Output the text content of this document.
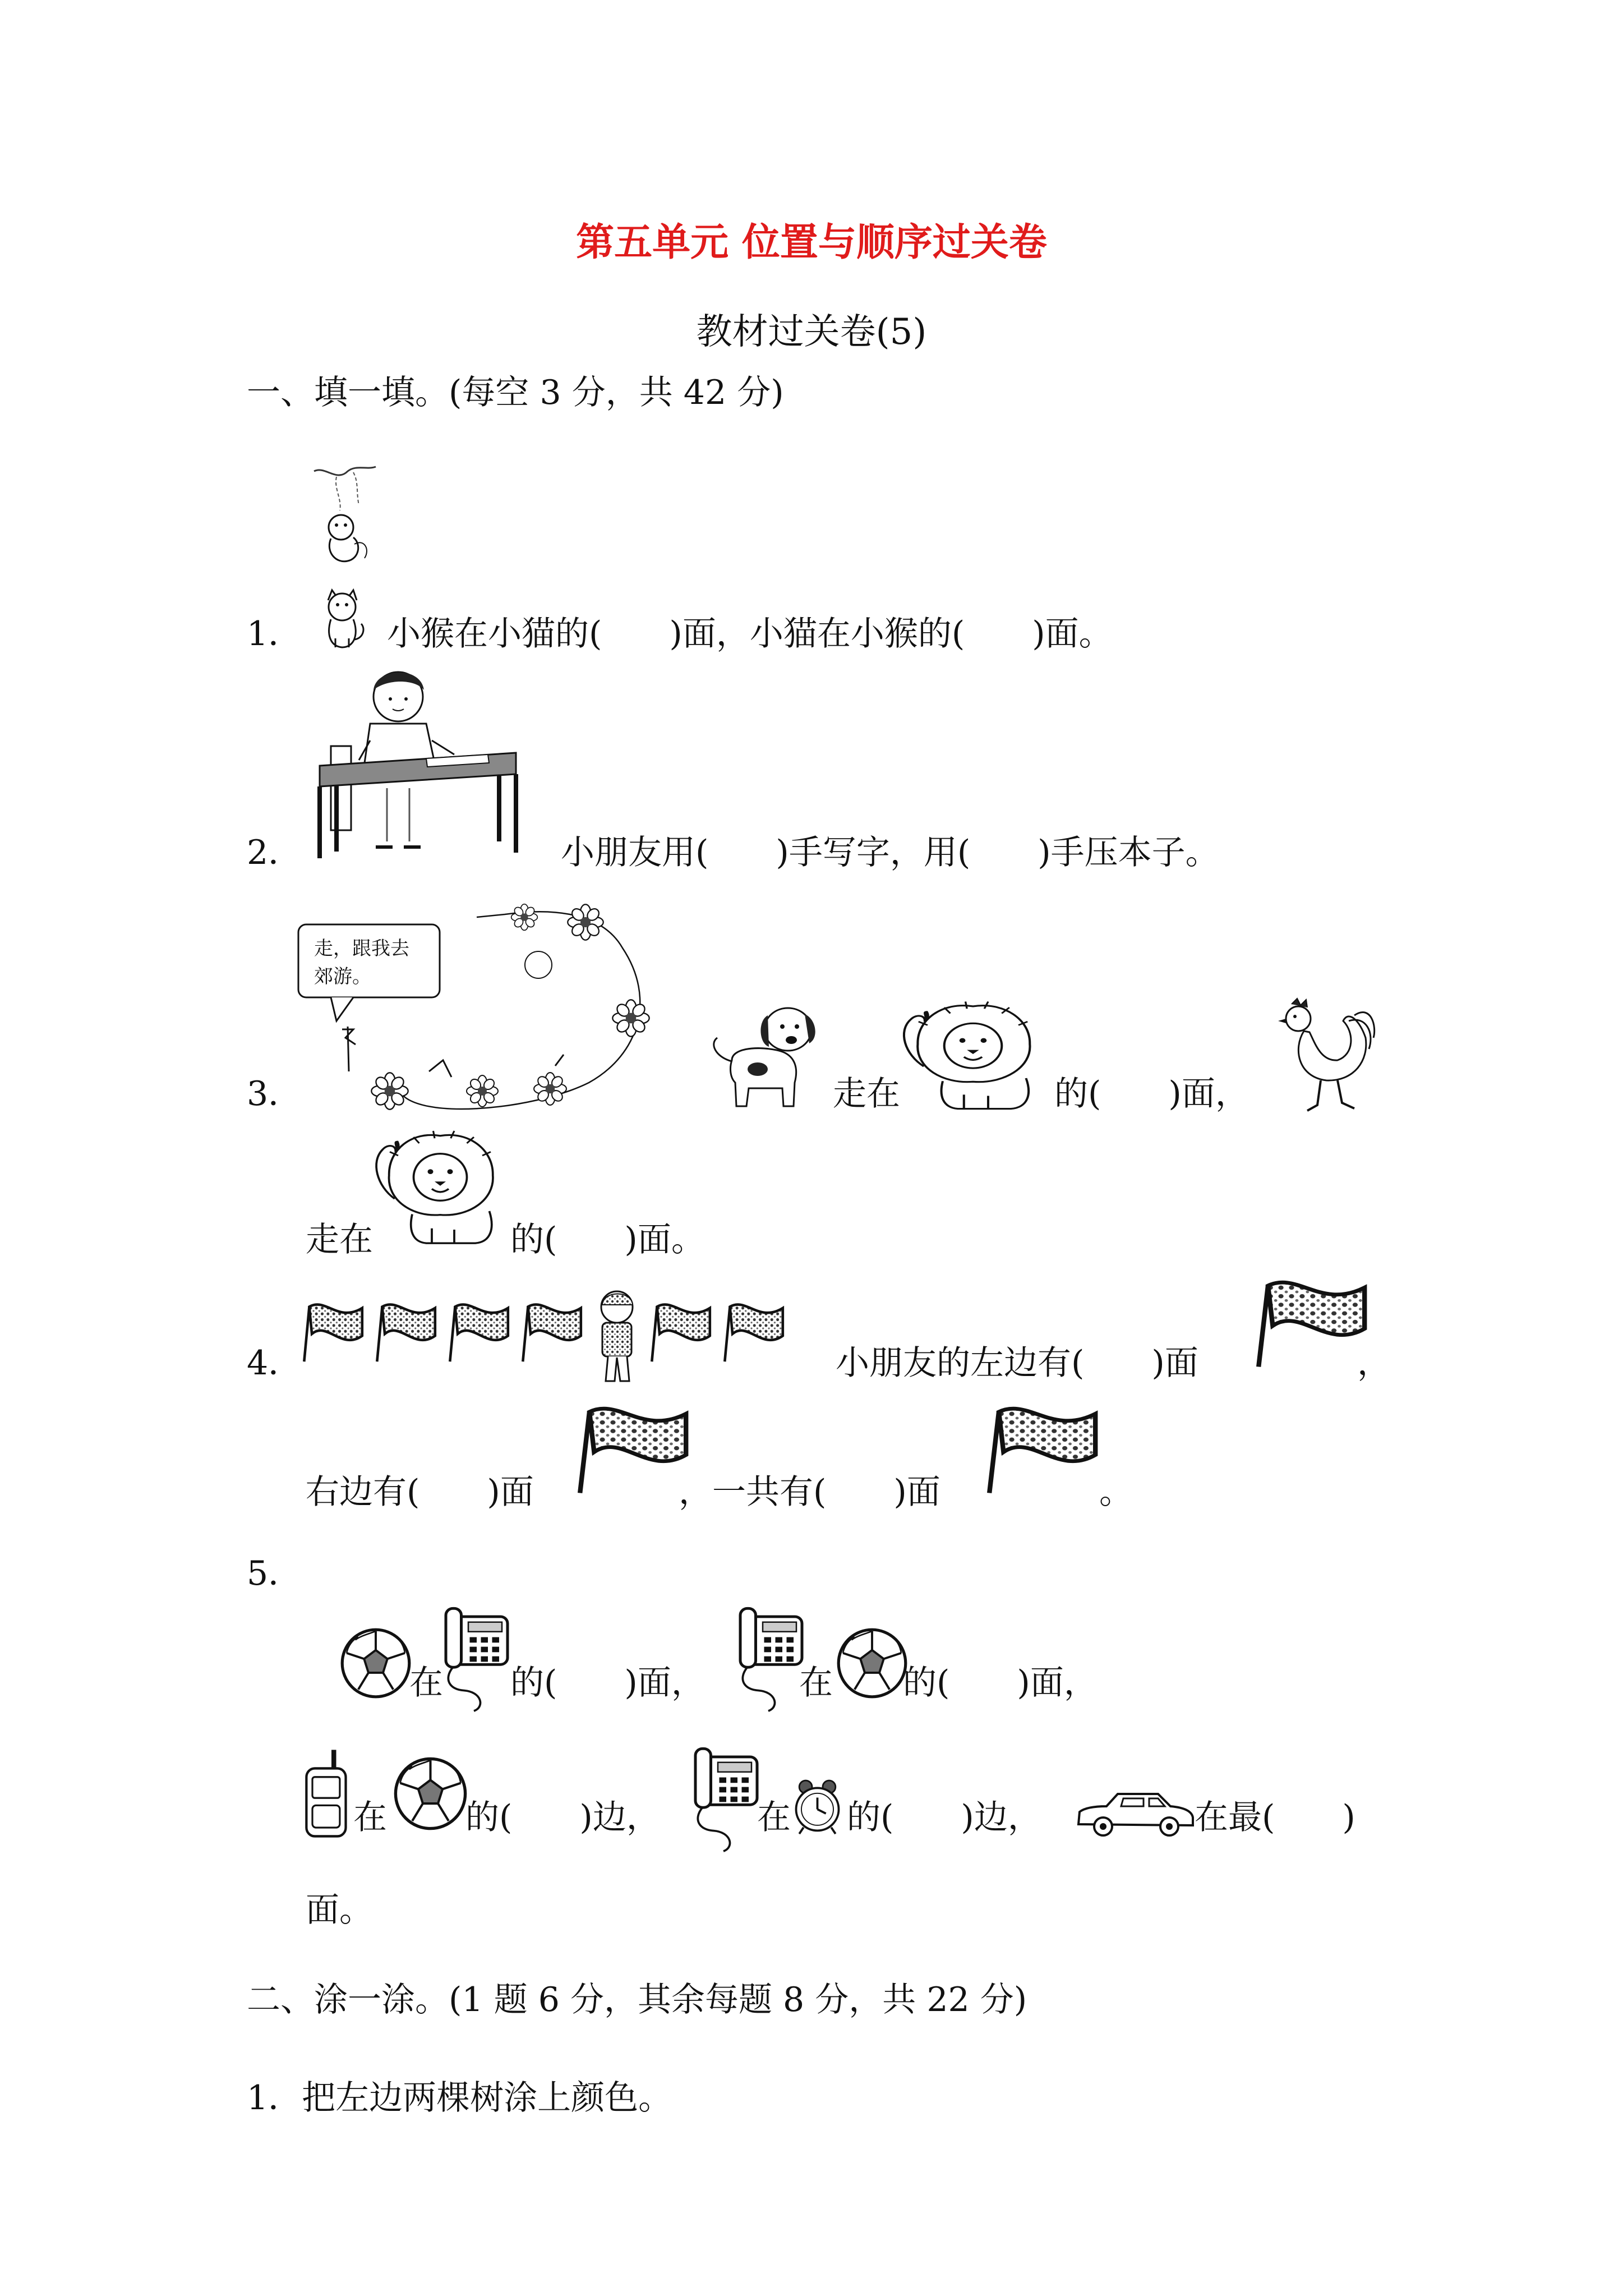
第五单元 位置与顺序过关卷
教材过关卷(5)
一、填一填。(每空 3 分，共 42 分)
1．	小猴在小猫的(　　)面，小猫在小猴的(　　)面。
2．	小朋友用(　　)手写字，用(　　)手压本子。
走，跟我去
郊游。
走在	的(　　)面，
走在	的(　　)面。
3．
4．	小朋友的左边有(　　)面	，
右边有(　　)面	，一共有(　　)面	。
5．
在 的(　　)面，	在 的(　　)面，
在 的(　　)边，	在 的(　　)边，	在最(　　)
面。
二、涂一涂。(1 题 6 分，其余每题 8 分，共 22 分)
1．把左边两棵树涂上颜色。
